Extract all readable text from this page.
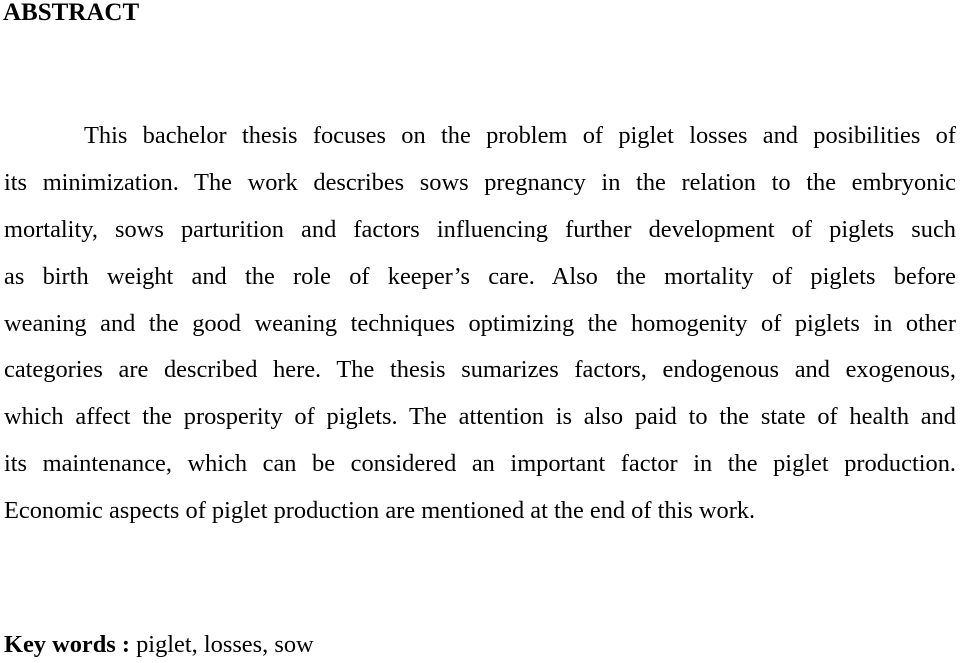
ABSTRACT
This bachelor thesis focuses on the problem of piglet losses and posibilities of
its minimization. The work describes sows pregnancy in the relation to the embryonic
mortality, sows parturition and factors influencing further development of piglets such
as birth weight and the role of keeper’s care. Also the mortality of piglets before
weaning and the good weaning techniques optimizing the homogenity of piglets in other
categories are described here. The thesis sumarizes factors, endogenous and exogenous,
which affect the prosperity of piglets. The attention is also paid to the state of health and
its maintenance, which can be considered an important factor in the piglet production.
Economic aspects of piglet production are mentioned at the end of this work.

Key words : piglet, losses, sow
